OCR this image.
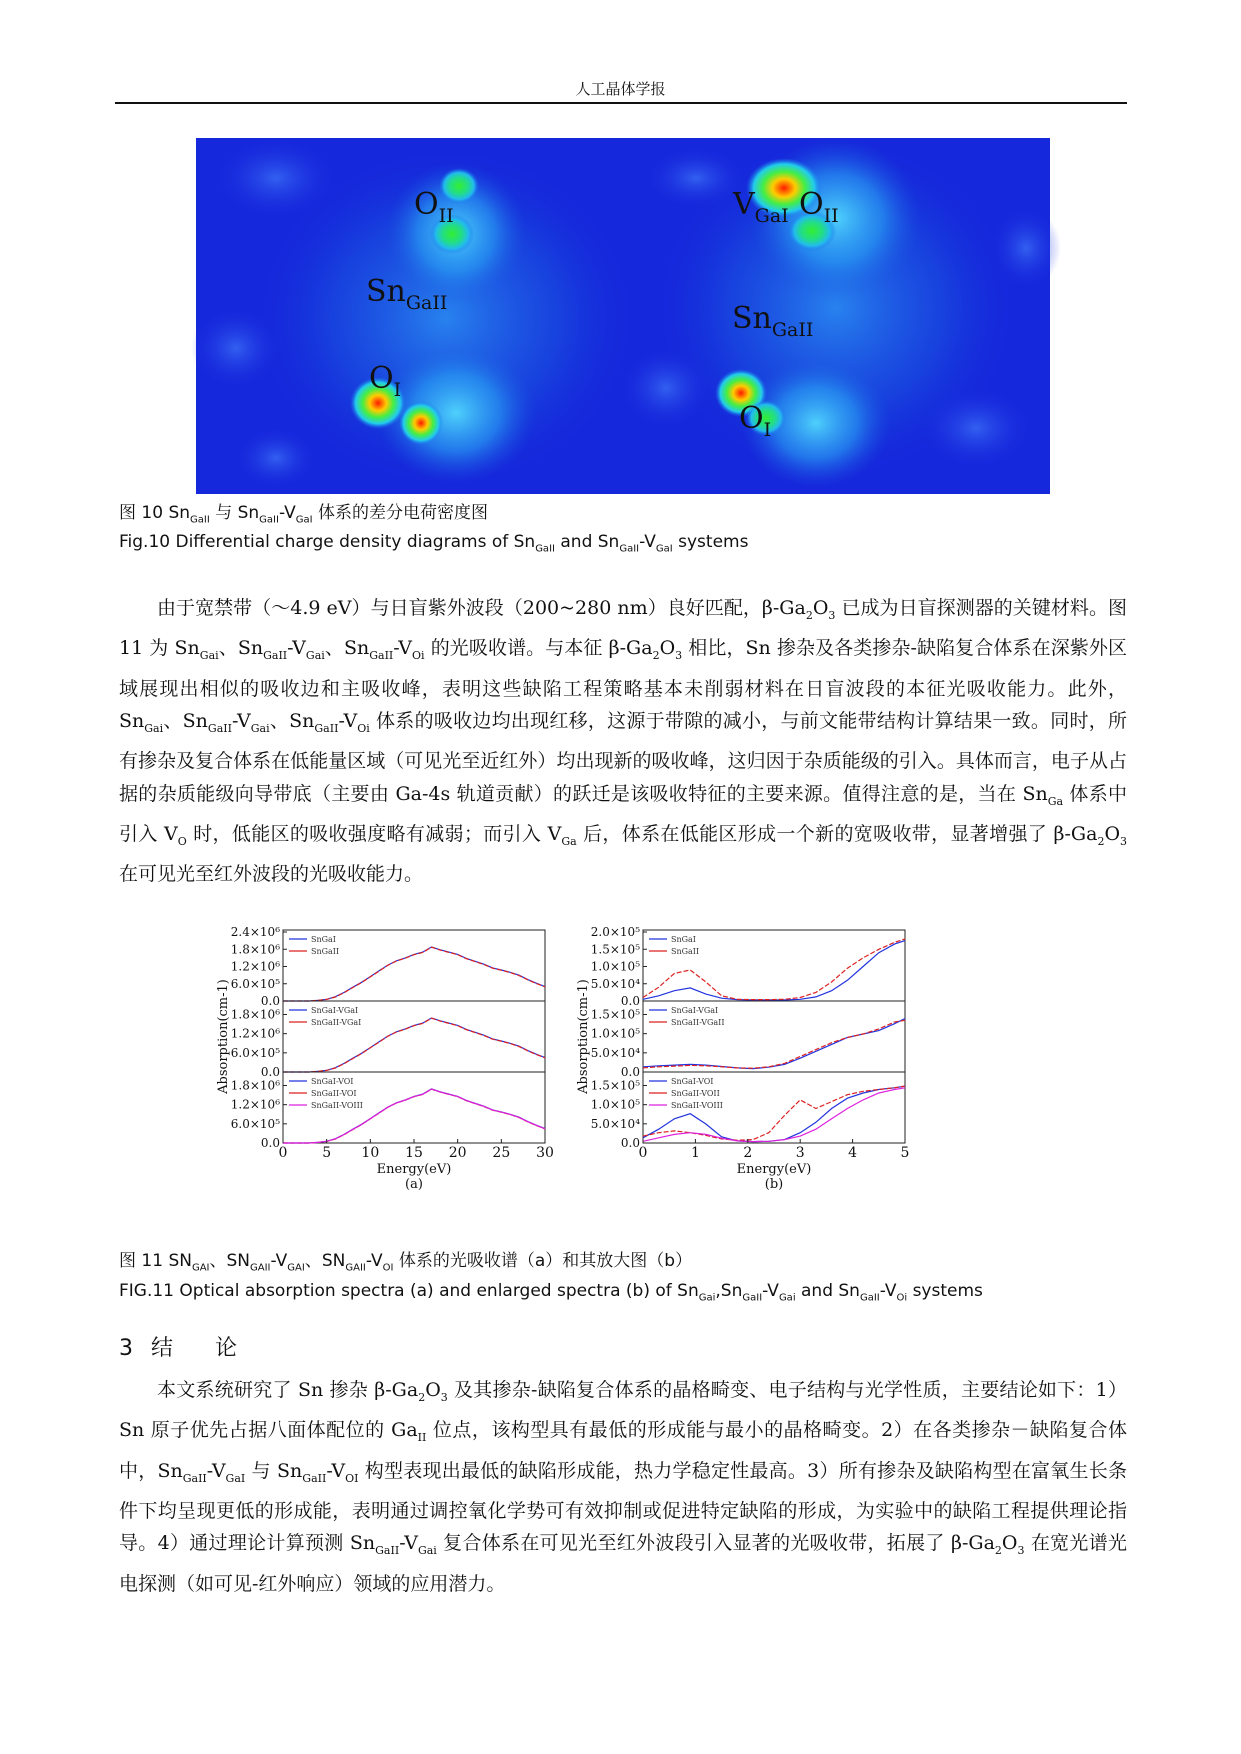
人工晶体学报
$O_{II}$
$Sn_{GaII}$
$O_I$
$V_{GaI}$ $O_{II}$
$Sn_{GaII}$
$O_I$
图 10 $Sn_{GaII}$ 与 $Sn_{GaII}-V_{GaI}$ 体系的差分电荷密度图
Fig.10 Differential charge density diagrams of $Sn_{GaII}$ and $Sn_{GaII}-V_{GaI}$ systems
由于宽禁带（～4.9 eV）与日盲紫外波段（200~280 nm）良好匹配，$\beta-Ga_2O_3$ 已成为日盲探测器的关键材料。图 11 为 $Sn_{Gai}$、$Sn_{GaII}-V_{Gai}$、$Sn_{GaII}-V_{Oi}$ 的光吸收谱。与本征 $\beta-Ga_2O_3$ 相比，Sn 掺杂及各类掺杂-缺陷复合体系在深紫外区域展现出相似的吸收边和主吸收峰，表明这些缺陷工程策略基本未削弱材料在日盲波段的本征光吸收能力。此外，$Sn_{Gai}$、$Sn_{GaII}-V_{Gai}$、$Sn_{GaII}-V_{Oi}$ 体系的吸收边均出现红移，这源于带隙的减小，与前文能带结构计算结果一致。同时，所有掺杂及复合体系在低能量区域（可见光至近红外）均出现新的吸收峰，这归因于杂质能级的引入。具体而言，电子从占据的杂质能级向导带底（主要由 Ga-4s 轨道贡献）的跃迁是该吸收特征的主要来源。值得注意的是，当在 $Sn_{Ga}$ 体系中引入 $V_O$ 时，低能区的吸收强度略有减弱；而引入 $V_{Ga}$ 后，体系在低能区形成一个新的宽吸收带，显著增强了 $\beta-Ga_2O_3$ 在可见光至红外波段的光吸收能力。
0.0
6.0×10⁵
1.2×10⁶
1.8×10⁶
2.4×10⁶
SnGaI
SnGaII
0.0
6.0×10⁵
1.2×10⁶
1.8×10⁶	SnGaI-VGaI
SnGaII-VGaI
0.0
6.0×10⁵
1.2×10⁶
1.8×10⁶	SnGaI-VOI
SnGaII-VOI
SnGaII-VOIII
0 5 10 15 20 25 30
Energy(eV)
(a)
Absorption(cm-1)	0.0
5.0×10⁴
1.0×10⁵
1.5×10⁵
2.0×10⁵
SnGaI
SnGaII
0.0
5.0×10⁴
1.0×10⁵
1.5×10⁵	SnGaI-VGaI
SnGaII-VGaII
0.0
5.0×10⁴
1.0×10⁵
1.5×10⁵	SnGaI-VOI
SnGaII-VOII
SnGaII-VOIII
0	1	2	3	4	5
Energy(eV)
(b)
Absorption(cm-1)
图 11 $SN_{GAI}$、$SN_{GAII}-V_{GAI}$、$SN_{GAII}-V_{OI}$ 体系的光吸收谱（a）和其放大图（b）
FIG.11 Optical absorption spectra (a) and enlarged spectra (b) of $Sn_{Gai},Sn_{GaII}-V_{Gai}$ and $Sn_{GaII}-V_{Oi}$ systems
3 结 论
本文系统研究了 Sn 掺杂 $\beta-Ga_2O_3$ 及其掺杂-缺陷复合体系的晶格畸变、电子结构与光学性质，主要结论如下：1）Sn 原子优先占据八面体配位的 $Ga_{II}$ 位点，该构型具有最低的形成能与最小的晶格畸变。2）在各类掺杂－缺陷复合体中，$Sn_{GaII}-V_{GaI}$ 与 $Sn_{GaII}-V_{OI}$ 构型表现出最低的缺陷形成能，热力学稳定性最高。3）所有掺杂及缺陷构型在富氧生长条件下均呈现更低的形成能，表明通过调控氧化学势可有效抑制或促进特定缺陷的形成，为实验中的缺陷工程提供理论指导。4）通过理论计算预测 $Sn_{GaII}-V_{Gai}$ 复合体系在可见光至红外波段引入显著的光吸收带，拓展了 $\beta-Ga_2O_3$ 在宽光谱光电探测（如可见-红外响应）领域的应用潜力。
